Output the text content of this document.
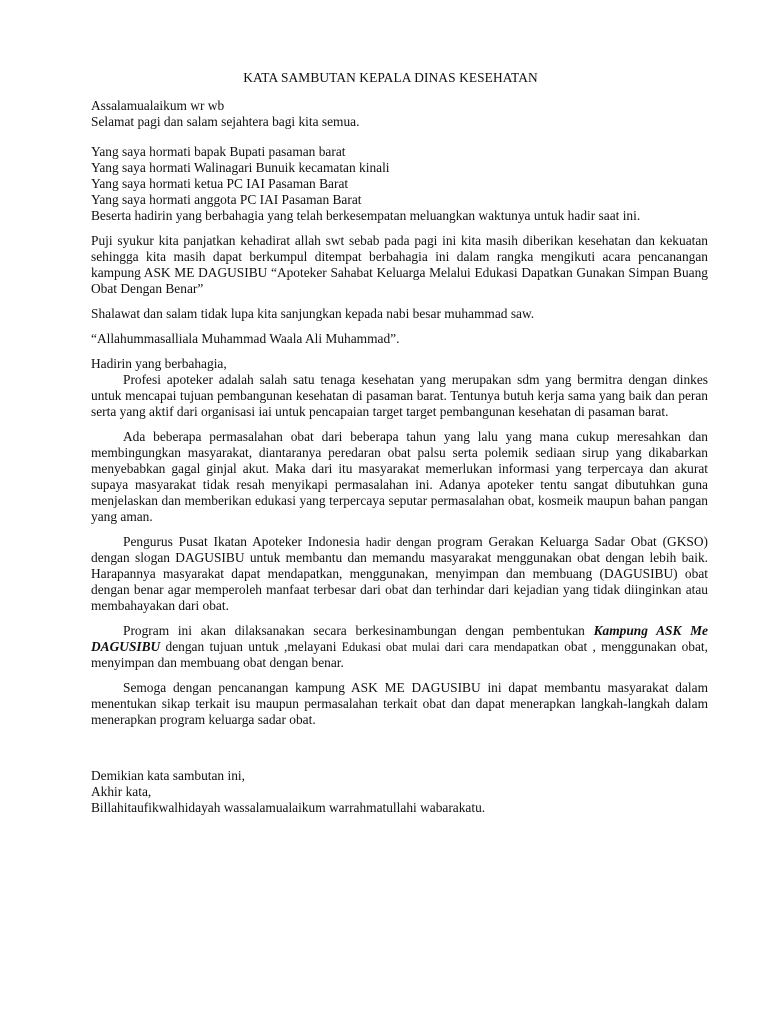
KATA SAMBUTAN KEPALA DINAS KESEHATAN
Assalamualaikum wr wb
Selamat pagi dan salam sejahtera bagi kita semua.
Yang saya hormati bapak Bupati pasaman barat
Yang saya hormati Walinagari Bunuik kecamatan kinali
Yang saya hormati ketua PC IAI Pasaman Barat
Yang saya hormati anggota PC IAI Pasaman Barat

Beserta hadirin yang berbahagia yang telah berkesempatan meluangkan waktunya untuk hadir saat ini.

Puji syukur kita panjatkan kehadirat allah swt sebab pada pagi ini kita masih diberikan kesehatan dan kekuatan sehingga kita masih dapat berkumpul ditempat berbahagia ini dalam rangka mengikuti acara pencanangan kampung ASK ME DAGUSIBU “Apoteker Sahabat Keluarga Melalui Edukasi Dapatkan Gunakan Simpan Buang Obat Dengan Benar”

Shalawat dan salam tidak lupa kita sanjungkan kepada nabi besar muhammad saw.

“Allahummasalliala Muhammad Waala Ali Muhammad”.

Hadirin yang berbahagia,

Profesi apoteker adalah salah satu tenaga kesehatan yang merupakan sdm yang bermitra dengan dinkes untuk mencapai tujuan pembangunan kesehatan di pasaman barat. Tentunya butuh kerja sama yang baik dan peran serta yang aktif dari organisasi iai untuk pencapaian target target pembangunan kesehatan di pasaman barat.

Ada beberapa permasalahan obat dari beberapa tahun yang lalu yang mana cukup meresahkan dan membingungkan masyarakat, diantaranya peredaran obat palsu serta polemik sediaan sirup yang dikabarkan menyebabkan gagal ginjal akut. Maka dari itu masyarakat memerlukan informasi yang terpercaya dan akurat supaya masyarakat tidak resah menyikapi permasalahan ini. Adanya apoteker tentu sangat dibutuhkan guna menjelaskan dan memberikan edukasi yang terpercaya seputar permasalahan obat, kosmeik maupun bahan pangan yang aman.

Pengurus Pusat Ikatan Apoteker Indonesia hadir dengan program Gerakan Keluarga Sadar Obat (GKSO) dengan slogan DAGUSIBU untuk membantu dan memandu masyarakat menggunakan obat dengan lebih baik. Harapannya masyarakat dapat mendapatkan, menggunakan, menyimpan dan membuang (DAGUSIBU) obat dengan benar agar memperoleh manfaat terbesar dari obat dan terhindar dari kejadian yang tidak diinginkan atau membahayakan dari obat.

Program ini akan dilaksanakan secara berkesinambungan dengan pembentukan Kampung ASK Me DAGUSIBU dengan tujuan untuk ,melayani Edukasi obat mulai dari cara mendapatkan obat , menggunakan obat, menyimpan dan membuang obat dengan benar.

Semoga dengan pencanangan kampung ASK ME DAGUSIBU ini dapat membantu masyarakat dalam menentukan sikap terkait isu maupun permasalahan terkait obat dan dapat menerapkan langkah-langkah dalam menerapkan program keluarga sadar obat.

Demikian kata sambutan ini,
Akhir kata,
Billahitaufikwalhidayah wassalamualaikum warrahmatullahi wabarakatu.
